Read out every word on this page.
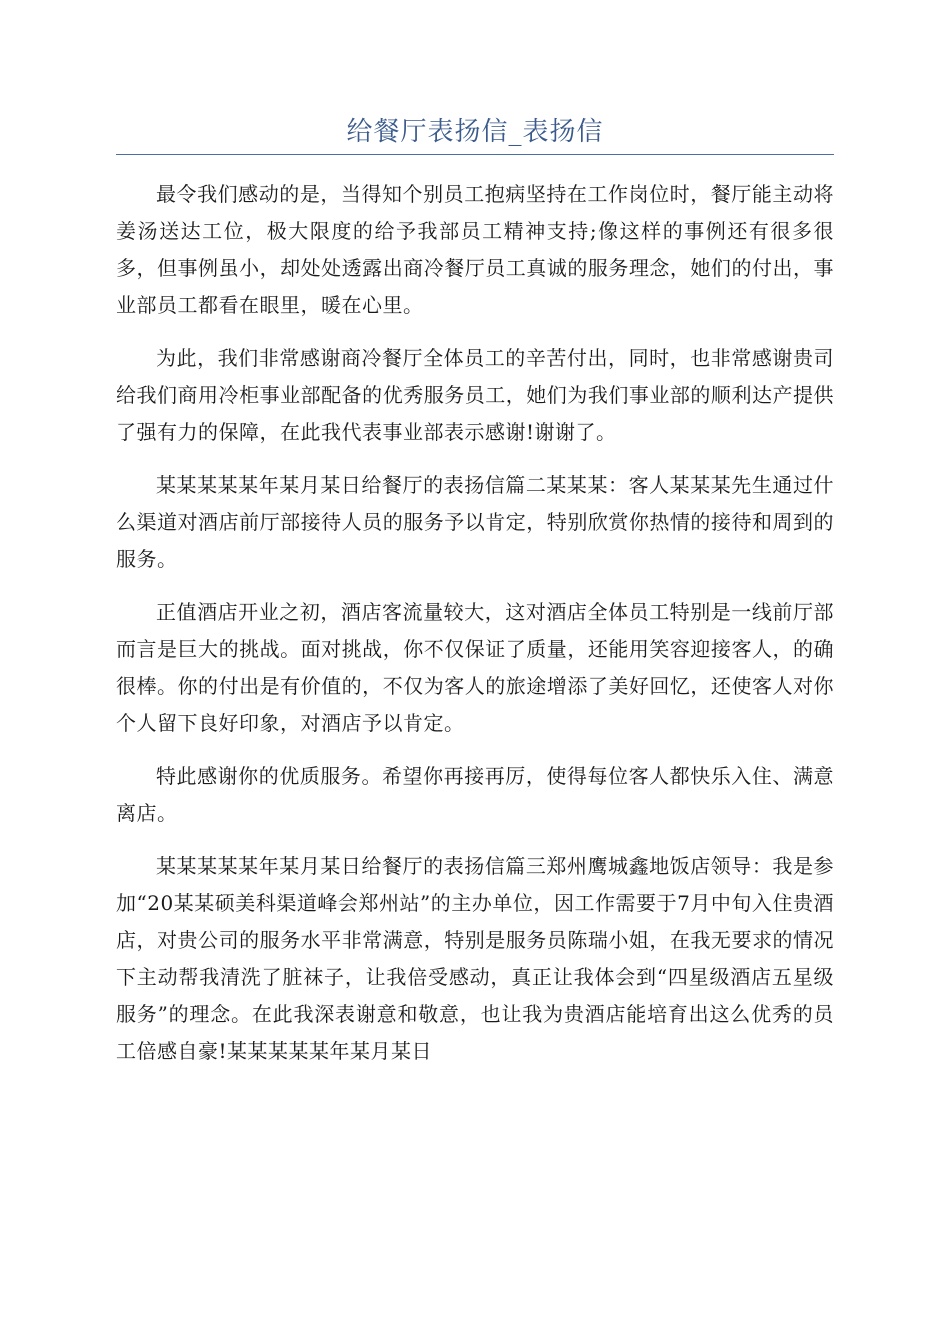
给餐厅表扬信_表扬信

最令我们感动的是，当得知个别员工抱病坚持在工作岗位时，餐厅能主动将姜汤送达工位，极大限度的给予我部员工精神支持;像这样的事例还有很多很多，但事例虽小，却处处透露出商冷餐厅员工真诚的服务理念，她们的付出，事业部员工都看在眼里，暖在心里。

为此，我们非常感谢商冷餐厅全体员工的辛苦付出，同时，也非常感谢贵司给我们商用冷柜事业部配备的优秀服务员工，她们为我们事业部的顺利达产提供了强有力的保障，在此我代表事业部表示感谢!谢谢了。

某某某某某年某月某日给餐厅的表扬信篇二某某某：客人某某某先生通过什么渠道对酒店前厅部接待人员的服务予以肯定，特别欣赏你热情的接待和周到的服务。

正值酒店开业之初，酒店客流量较大，这对酒店全体员工特别是一线前厅部而言是巨大的挑战。面对挑战，你不仅保证了质量，还能用笑容迎接客人，的确很棒。你的付出是有价值的，不仅为客人的旅途增添了美好回忆，还使客人对你个人留下良好印象，对酒店予以肯定。

特此感谢你的优质服务。希望你再接再厉，使得每位客人都快乐入住、满意离店。

某某某某某年某月某日给餐厅的表扬信篇三郑州鹰城鑫地饭店领导：我是参加“20某某硕美科渠道峰会郑州站”的主办单位，因工作需要于7月中旬入住贵酒店，对贵公司的服务水平非常满意，特别是服务员陈瑞小姐，在我无要求的情况下主动帮我清洗了脏袜子，让我倍受感动，真正让我体会到“四星级酒店五星级服务”的理念。在此我深表谢意和敬意，也让我为贵酒店能培育出这么优秀的员工倍感自豪!某某某某某年某月某日
